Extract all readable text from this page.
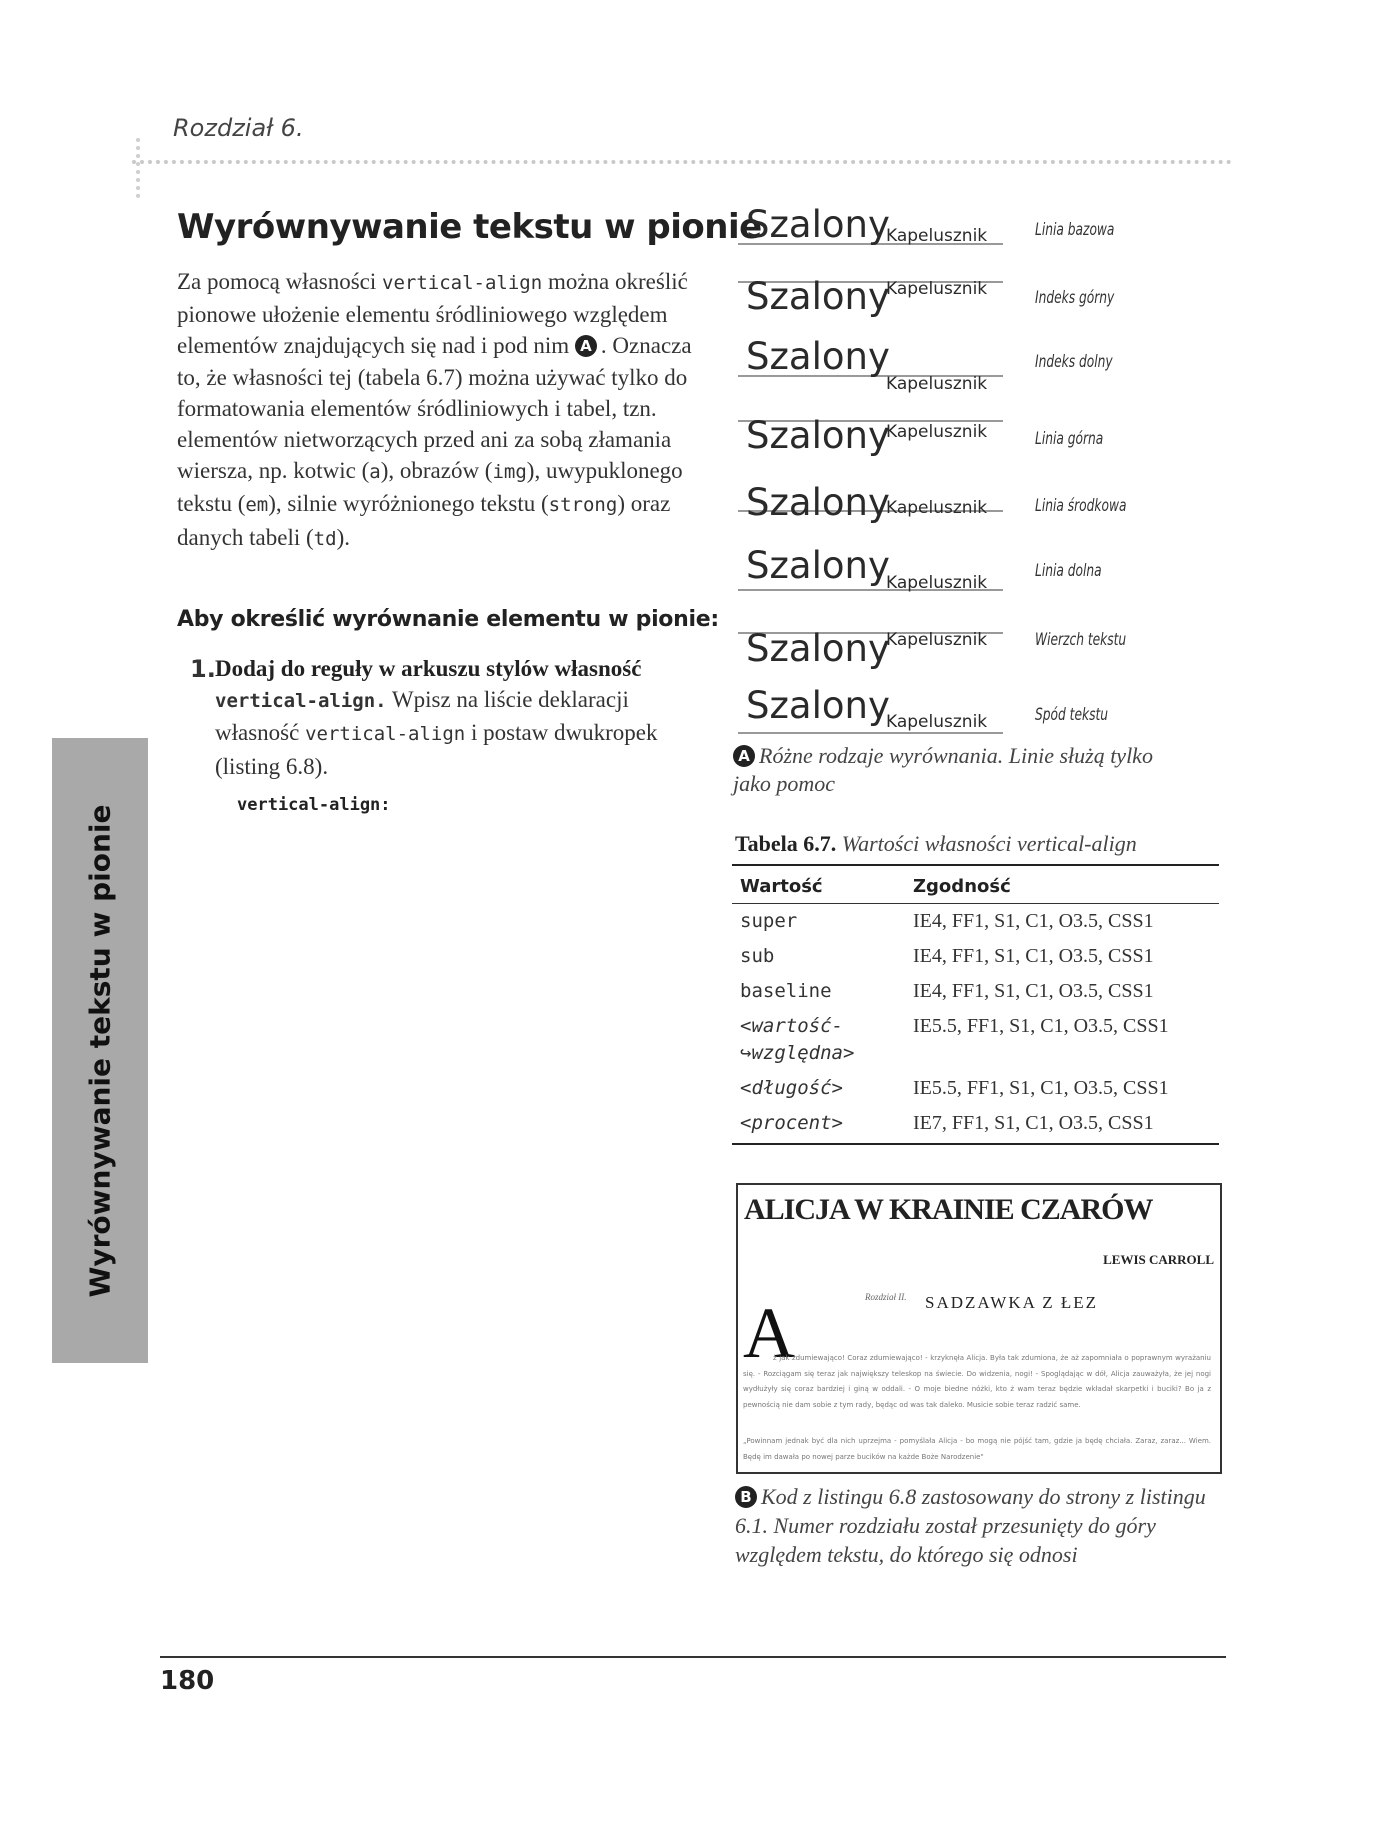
Rozdział 6.
Wyrównywanie tekstu w pionie
Wyrównywanie tekstu w pionie
Za pomocą własności vertical-align można określić pionowe ułożenie elementu śródliniowego względem elementów znajdujących się nad i pod nim A . Oznacza to, że własności tej (tabela 6.7) można używać tylko do formatowania elementów śródliniowych i tabel, tzn. elementów nietworzących przed ani za sobą złamania wiersza, np. kotwic (a), obrazów (img), uwypuklonego tekstu (em), silnie wyróżnionego tekstu (strong) oraz danych tabeli (td).
Aby określić wyrównanie elementu w pionie:
1. Dodaj do reguły w arkuszu stylów własność vertical-align. Wpisz na liście deklaracji własność vertical-align i postaw dwukropek (listing 6.8).
vertical-align:
Szalony
Kapelusznik	Linia bazowa
Szalony
Kapelusznik	Indeks górny
Szalony
Kapelusznik
Indeks dolny
Szalony
Kapelusznik	Linia górna
Szalony
Kapelusznik	Linia środkowa
Szalony
Kapelusznik
Linia dolna
Szalony
Kapelusznik	Wierzch tekstu
Szalony
Kapelusznik	Spód tekstu
A Różne rodzaje wyrównania. Linie służą tylko jako pomoc
Tabela 6.7. Wartości własności vertical-align
Wartość	Zgodność
super	IE4, FF1, S1, C1, O3.5, CSS1
sub	IE4, FF1, S1, C1, O3.5, CSS1
baseline	IE4, FF1, S1, C1, O3.5, CSS1
<wartość-
↪względna>	IE5.5, FF1, S1, C1, O3.5, CSS1
<długość>	IE5.5, FF1, S1, C1, O3.5, CSS1
<procent>	IE7, FF1, S1, C1, O3.5, CSS1
ALICJA W KRAINIE CZARÓW
LEWIS CARROLL
Rozdział II. SADZAWKA Z ŁEZ
A
ż jak zdumiewająco! Coraz zdumiewająco! - krzyknęła Alicja. Była tak zdumiona, że aż zapomniała o poprawnym wyrażaniu się. - Rozciągam się teraz jak największy teleskop na świecie. Do widzenia, nogi! - Spoglądając w dół, Alicja zauważyła, że jej nogi wydłużyły się coraz bardziej i giną w oddali. - O moje biedne nóżki, kto ż wam teraz będzie wkładał skarpetki i buciki? Bo ja z pewnością nie dam sobie z tym rady, będąc od was tak daleko. Musicie sobie teraz radzić same.
„Powinnam jednak być dla nich uprzejma - pomyślała Alicja - bo mogą nie pójść tam, gdzie ja będę chciała. Zaraz, zaraz... Wiem. Będę im dawała po nowej parze bucików na każde Boże Narodzenie"
B Kod z listingu 6.8 zastosowany do strony z listingu 6.1. Numer rozdziału został przesunięty do góry względem tekstu, do którego się odnosi
180
